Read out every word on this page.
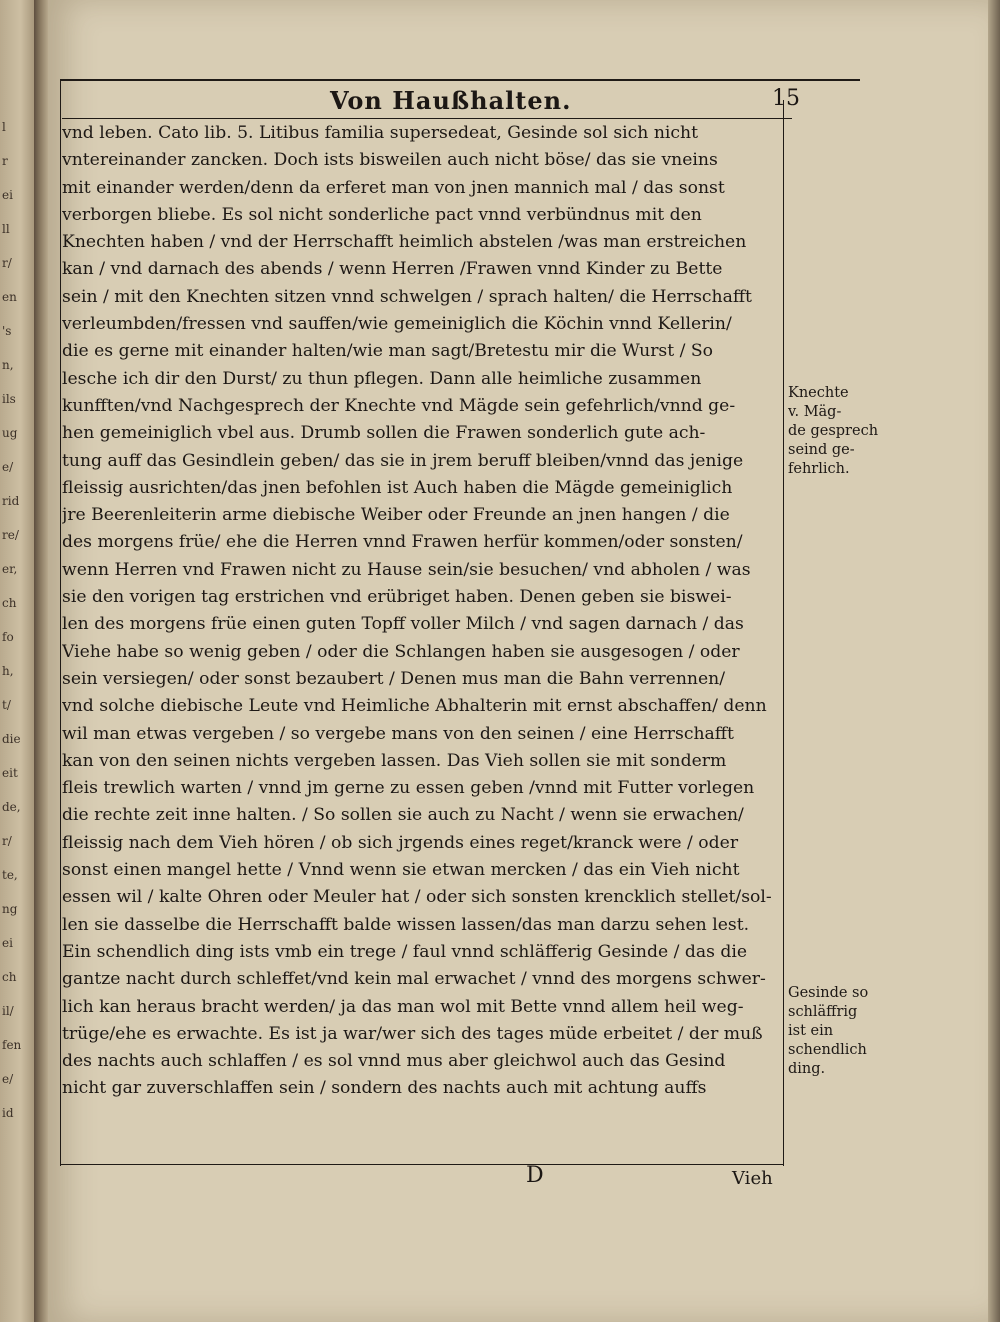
l
r
ei
ll
r/
en
's
n,
ils
ug
e/
rid
re/
er,
ch
fo
h,
t/
die
eit
de,
r/
te,
ng
ei
ch
il/
fen
e/
id
Von Haußhalten.	15
vnd leben. Cato lib. 5. Litibus familia supersedeat, Gesinde sol sich nicht
vntereinander zancken. Doch ists bisweilen auch nicht böse/ das sie vneins
mit einander werden/denn da erferet man von jnen mannich mal / das sonst
verborgen bliebe. Es sol nicht sonderliche pact vnnd verbündnus mit den
Knechten haben / vnd der Herrschafft heimlich abstelen /was man erstreichen
kan / vnd darnach des abends / wenn Herren /Frawen vnnd Kinder zu Bette
sein / mit den Knechten sitzen vnnd schwelgen / sprach halten/ die Herrschafft
verleumbden/fressen vnd sauffen/wie gemeiniglich die Köchin vnnd Kellerin/
die es gerne mit einander halten/wie man sagt/Bretestu mir die Wurst / So
lesche ich dir den Durst/ zu thun pflegen. Dann alle heimliche zusammen
kunfften/vnd Nachgesprech der Knechte vnd Mägde sein gefehrlich/vnnd ge-
hen gemeiniglich vbel aus. Drumb sollen die Frawen sonderlich gute ach-
tung auff das Gesindlein geben/ das sie in jrem beruff bleiben/vnnd das jenige
fleissig ausrichten/das jnen befohlen ist Auch haben die Mägde gemeiniglich
jre Beerenleiterin arme diebische Weiber oder Freunde an jnen hangen / die
des morgens früe/ ehe die Herren vnnd Frawen herfür kommen/oder sonsten/
wenn Herren vnd Frawen nicht zu Hause sein/sie besuchen/ vnd abholen / was
sie den vorigen tag erstrichen vnd erübriget haben. Denen geben sie biswei-
len des morgens früe einen guten Topff voller Milch / vnd sagen darnach / das
Viehe habe so wenig geben / oder die Schlangen haben sie ausgesogen / oder
sein versiegen/ oder sonst bezaubert / Denen mus man die Bahn verrennen/
vnd solche diebische Leute vnd Heimliche Abhalterin mit ernst abschaffen/ denn
wil man etwas vergeben / so vergebe mans von den seinen / eine Herrschafft
kan von den seinen nichts vergeben lassen. Das Vieh sollen sie mit sonderm
fleis trewlich warten / vnnd jm gerne zu essen geben /vnnd mit Futter vorlegen
die rechte zeit inne halten. / So sollen sie auch zu Nacht / wenn sie erwachen/
fleissig nach dem Vieh hören / ob sich jrgends eines reget/kranck were / oder
sonst einen mangel hette / Vnnd wenn sie etwan mercken / das ein Vieh nicht
essen wil / kalte Ohren oder Meuler hat / oder sich sonsten krencklich stellet/sol-
len sie dasselbe die Herrschafft balde wissen lassen/das man darzu sehen lest.
Ein schendlich ding ists vmb ein trege / faul vnnd schläfferig Gesinde / das die
gantze nacht durch schleffet/vnd kein mal erwachet / vnnd des morgens schwer-
lich kan heraus bracht werden/ ja das man wol mit Bette vnnd allem heil weg-
trüge/ehe es erwachte. Es ist ja war/wer sich des tages müde erbeitet / der muß
des nachts auch schlaffen / es sol vnnd mus aber gleichwol auch das Gesind
nicht gar zuverschlaffen sein / sondern des nachts auch mit achtung auffs
Knechte
v. Mäg-
de gesprech
seind ge-
fehrlich.
Gesinde so
schläffrig
ist ein
schendlich
ding.
D	Vieh
